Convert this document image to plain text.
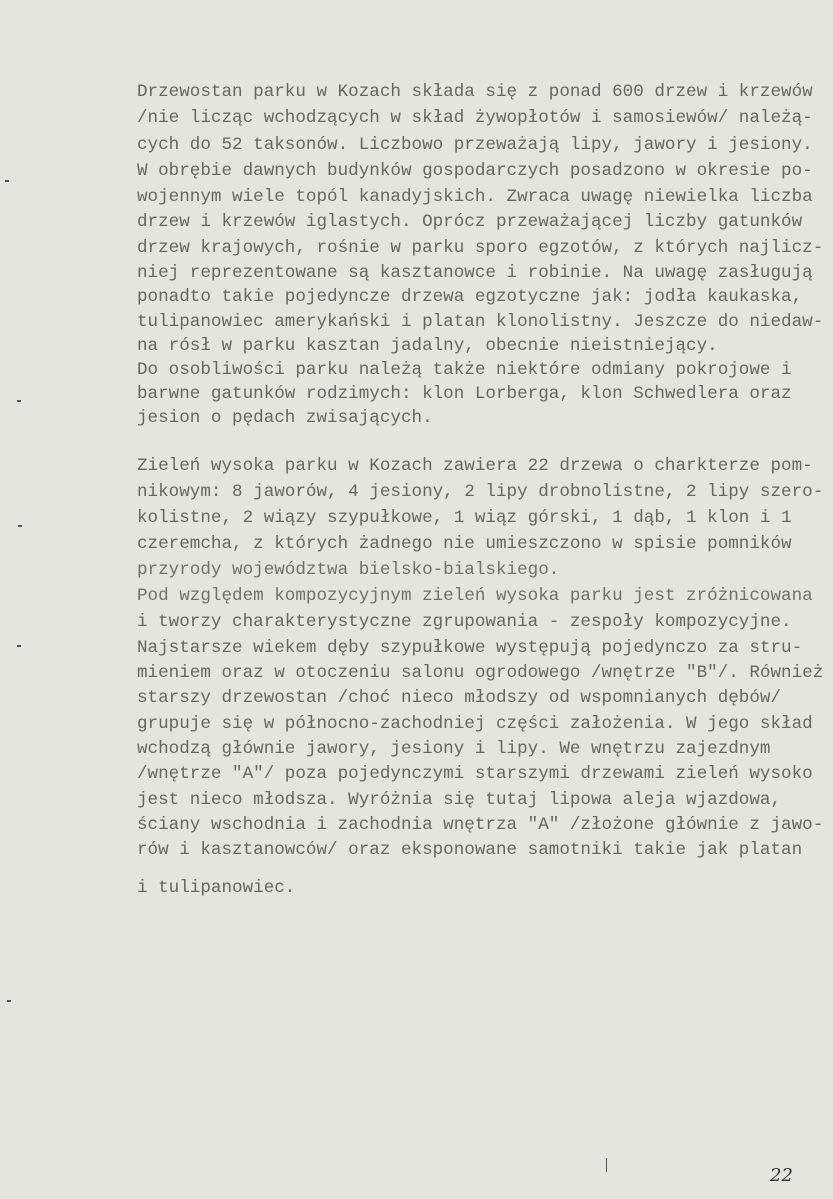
Drzewostan parku w Kozach składa się z ponad 600 drzew i krzewów
/nie licząc wchodzących w skład żywopłotów i samosiewów/ należą-
cych do 52 taksonów. Liczbowo przeważają lipy, jawory i jesiony.
W obrębie dawnych budynków gospodarczych posadzono w okresie po-
wojennym wiele topól kanadyjskich. Zwraca uwagę niewielka liczba
drzew i krzewów iglastych. Oprócz przeważającej liczby gatunków
drzew krajowych, rośnie w parku sporo egzotów, z których najlicz-
niej reprezentowane są kasztanowce i robinie. Na uwagę zasługują
ponadto takie pojedyncze drzewa egzotyczne jak: jodła kaukaska,
tulipanowiec amerykański i platan klonolistny. Jeszcze do niedaw-
na rósł w parku kasztan jadalny, obecnie nieistniejący.
Do osobliwości parku należą także niektóre odmiany pokrojowe i
barwne gatunków rodzimych: klon Lorberga, klon Schwedlera oraz
jesion o pędach zwisających.
Zieleń wysoka parku w Kozach zawiera 22 drzewa o charkterze pom-
nikowym: 8 jaworów, 4 jesiony, 2 lipy drobnolistne, 2 lipy szero-
kolistne, 2 wiązy szypułkowe, 1 wiąz górski, 1 dąb, 1 klon i 1
czeremcha, z których żadnego nie umieszczono w spisie pomników
przyrody województwa bielsko-bialskiego.
Pod względem kompozycyjnym zieleń wysoka parku jest zróżnicowana
i tworzy charakterystyczne zgrupowania - zespoły kompozycyjne.
Najstarsze wiekem dęby szypułkowe występują pojedynczo za stru-
mieniem oraz w otoczeniu salonu ogrodowego /wnętrze "B"/. Również
starszy drzewostan /choć nieco młodszy od wspomnianych dębów/
grupuje się w północno-zachodniej części założenia. W jego skład
wchodzą głównie jawory, jesiony i lipy. We wnętrzu zajezdnym
/wnętrze "A"/ poza pojedynczymi starszymi drzewami zieleń wysoko
jest nieco młodsza. Wyróżnia się tutaj lipowa aleja wjazdowa,
ściany wschodnia i zachodnia wnętrza "A" /złożone głównie z jawo-
rów i kasztanowców/ oraz eksponowane samotniki takie jak platan
i tulipanowiec.
22
